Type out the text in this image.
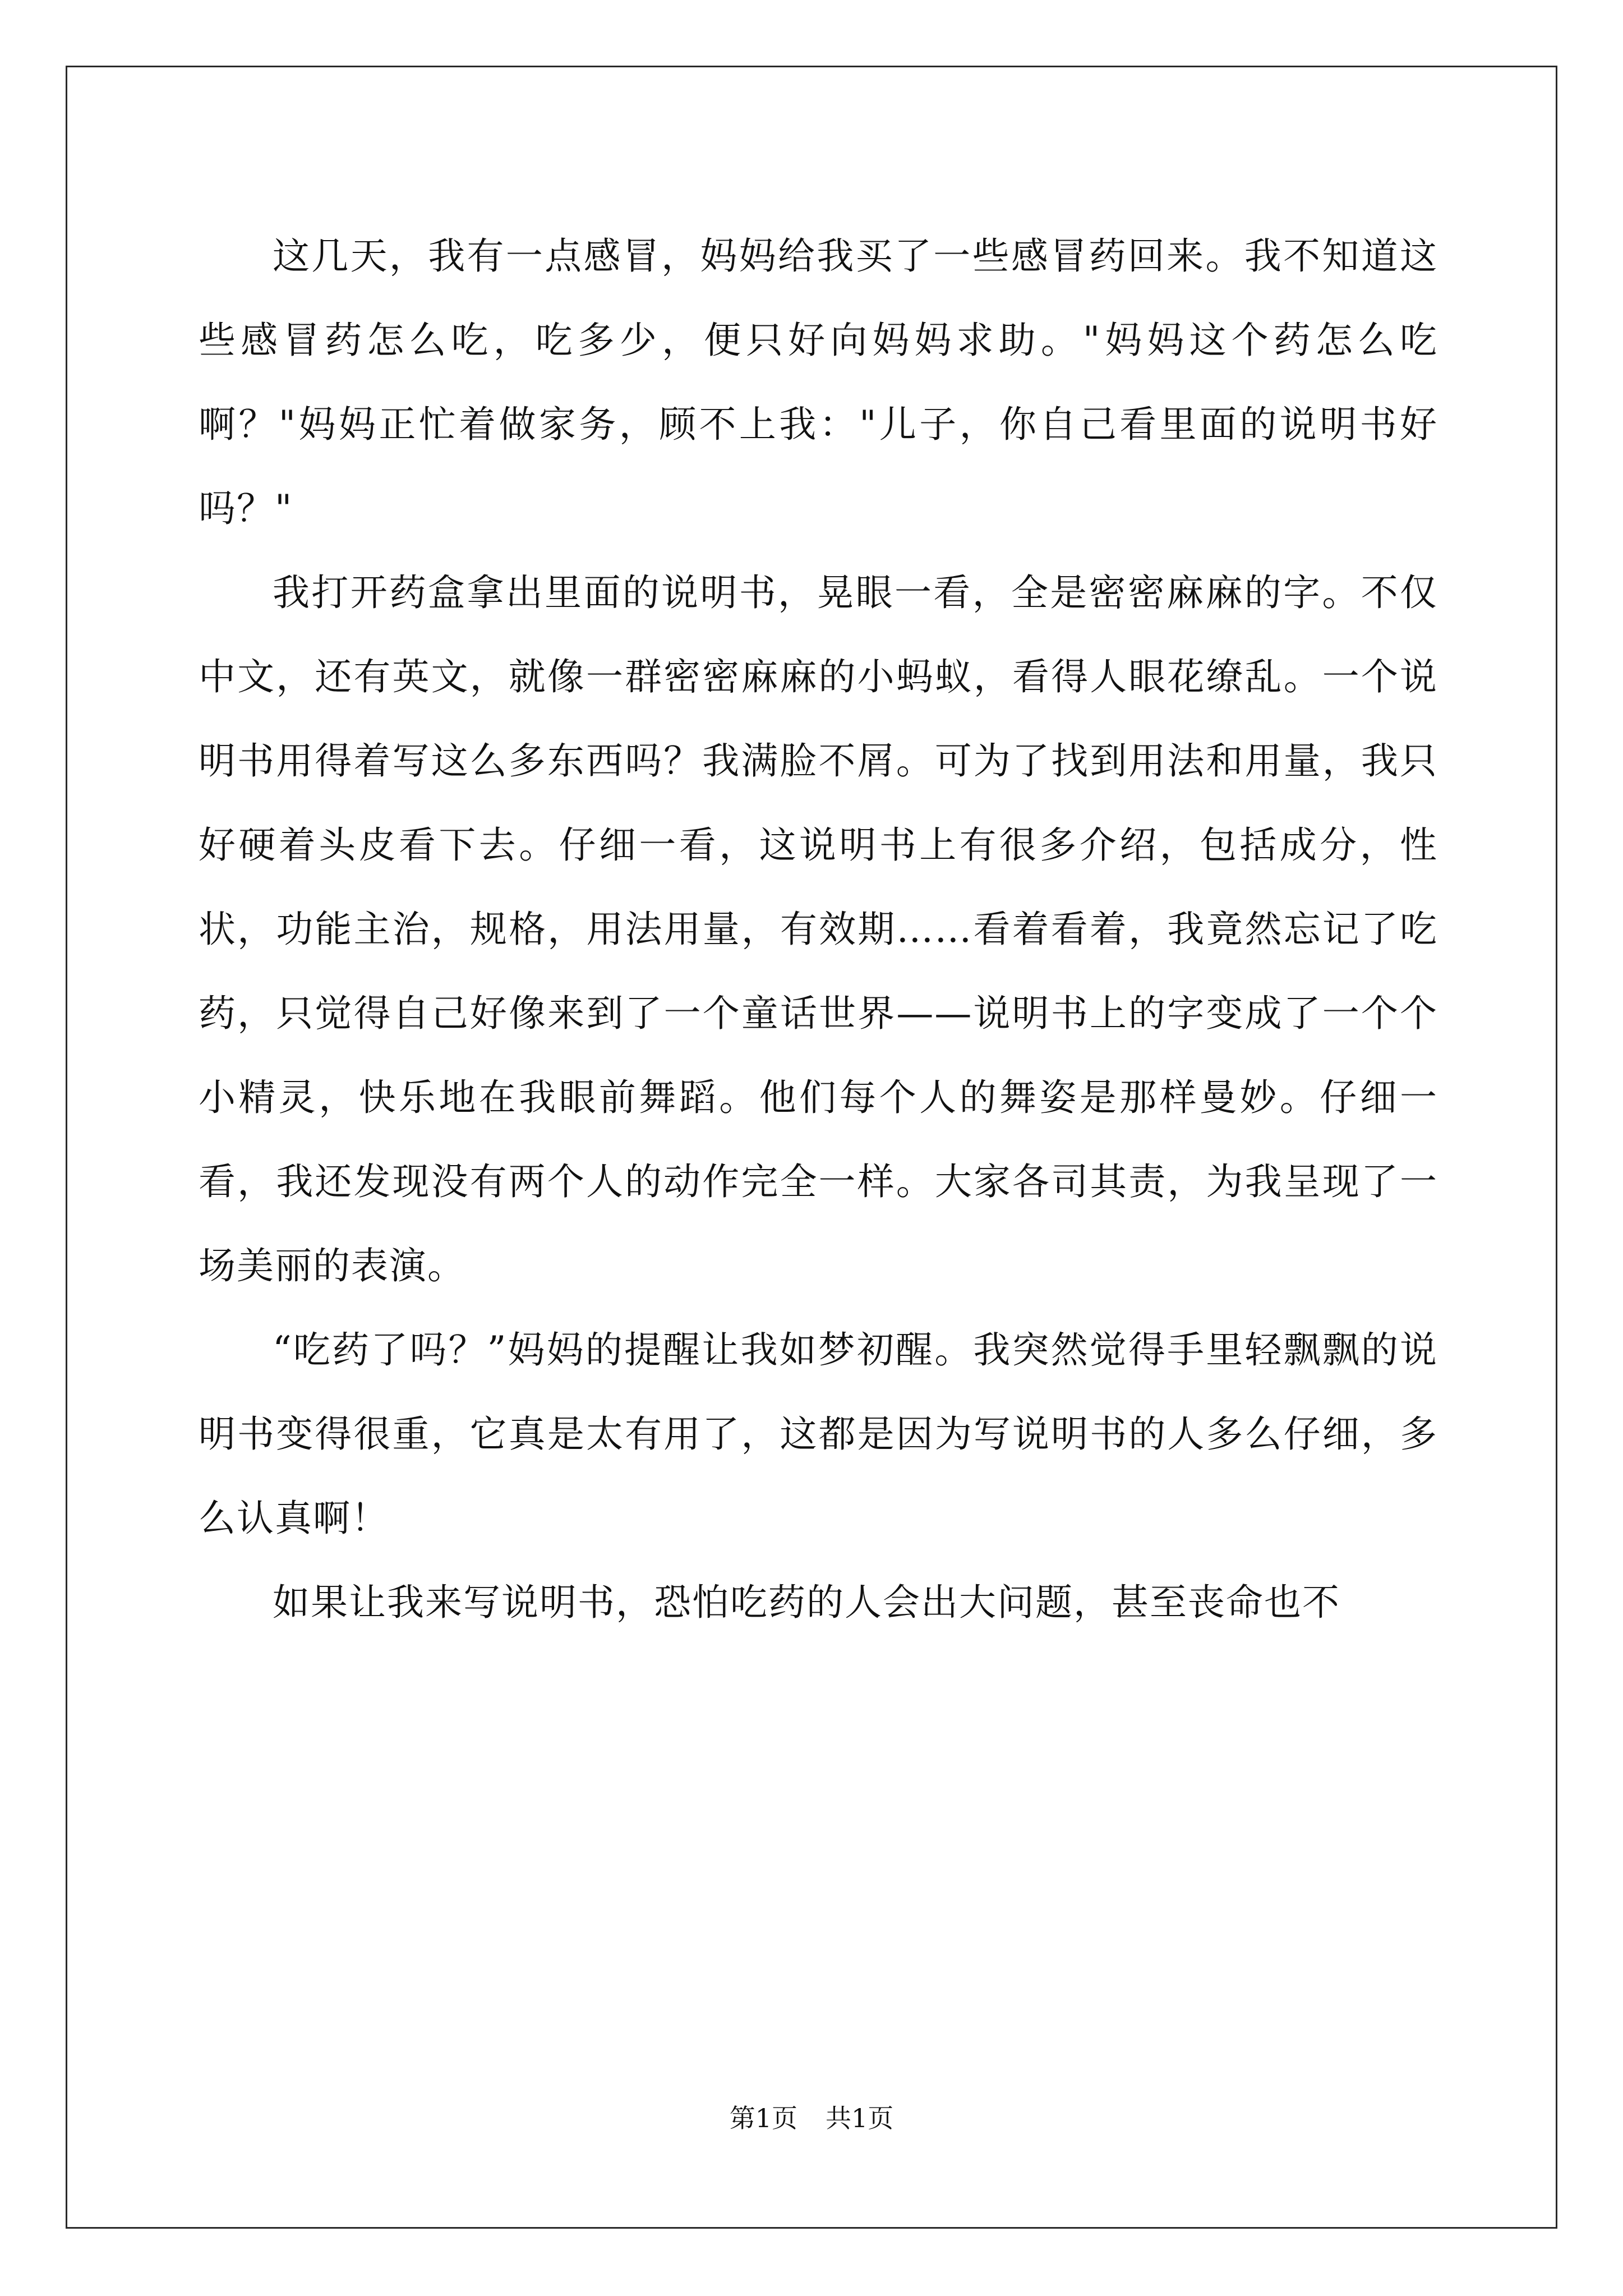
这几天，我有一点感冒，妈妈给我买了一些感冒药回来。我不知道这些感冒药怎么吃，吃多少，便只好向妈妈求助。"妈妈这个药怎么吃啊？"妈妈正忙着做家务，顾不上我："儿子，你自己看里面的说明书好吗？"

我打开药盒拿出里面的说明书，晃眼一看，全是密密麻麻的字。不仅中文，还有英文，就像一群密密麻麻的小蚂蚁，看得人眼花缭乱。一个说明书用得着写这么多东西吗？我满脸不屑。可为了找到用法和用量，我只好硬着头皮看下去。仔细一看，这说明书上有很多介绍，包括成分，性状，功能主治，规格，用法用量，有效期……看着看着，我竟然忘记了吃药，只觉得自己好像来到了一个童话世界——说明书上的字变成了一个个小精灵，快乐地在我眼前舞蹈。他们每个人的舞姿是那样曼妙。仔细一看，我还发现没有两个人的动作完全一样。大家各司其责，为我呈现了一场美丽的表演。

“吃药了吗？”妈妈的提醒让我如梦初醒。我突然觉得手里轻飘飘的说明书变得很重，它真是太有用了，这都是因为写说明书的人多么仔细，多么认真啊！

如果让我来写说明书，恐怕吃药的人会出大问题，甚至丧命也不

第1页 共1页
